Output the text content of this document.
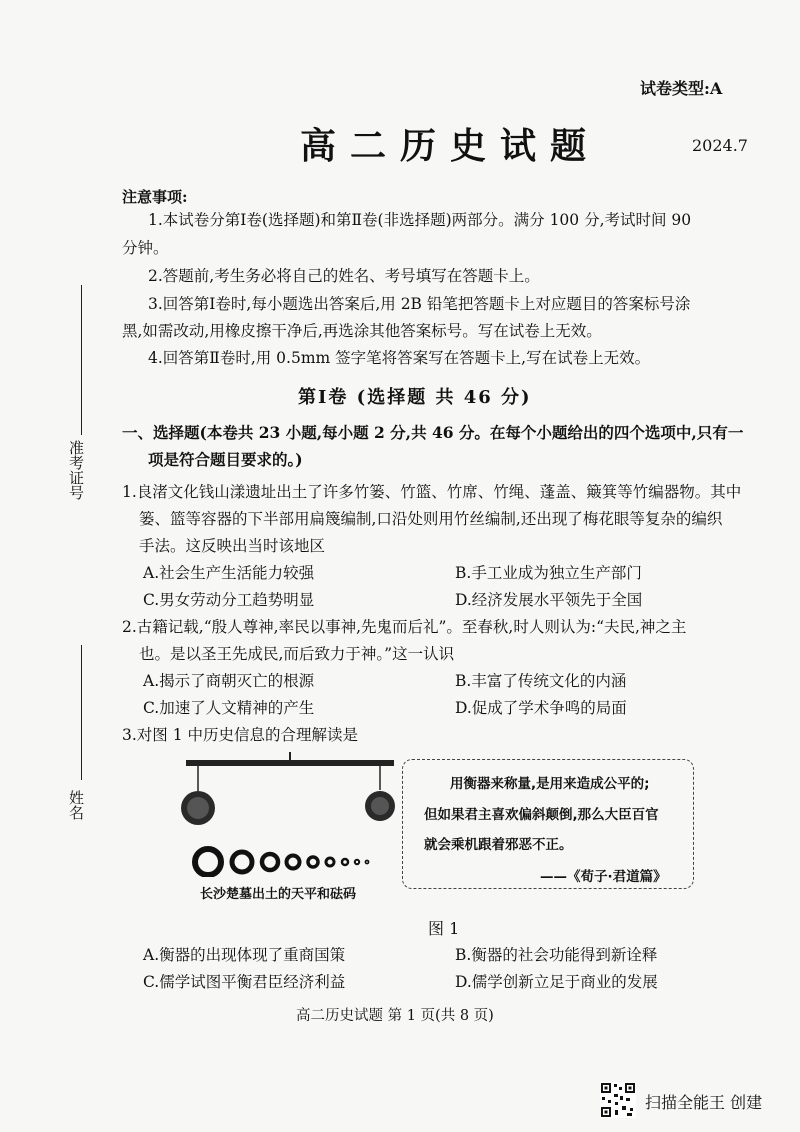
试卷类型:A
高二历史试题	2024.7
准考证号
姓名
注意事项:
1.本试卷分第Ⅰ卷(选择题)和第Ⅱ卷(非选择题)两部分。满分 100 分,考试时间 90
分钟。
2.答题前,考生务必将自己的姓名、考号填写在答题卡上。
3.回答第Ⅰ卷时,每小题选出答案后,用 2B 铅笔把答题卡上对应题目的答案标号涂
黑,如需改动,用橡皮擦干净后,再选涂其他答案标号。写在试卷上无效。
4.回答第Ⅱ卷时,用 0.5mm 签字笔将答案写在答题卡上,写在试卷上无效。
第Ⅰ卷 (选择题 共 46 分)
一、选择题(本卷共 23 小题,每小题 2 分,共 46 分。在每个小题给出的四个选项中,只有一
项是符合题目要求的。)
1.良渚文化钱山漾遗址出土了许多竹篓、竹篮、竹席、竹绳、蓬盖、簸箕等竹编器物。其中
篓、篮等容器的下半部用扁篾编制,口沿处则用竹丝编制,还出现了梅花眼等复杂的编织
手法。这反映出当时该地区
A.社会生产生活能力较强	B.手工业成为独立生产部门
C.男女劳动分工趋势明显	D.经济发展水平领先于全国
2.古籍记载,“殷人尊神,率民以事神,先鬼而后礼”。至春秋,时人则认为:“夫民,神之主
也。是以圣王先成民,而后致力于神。”这一认识
A.揭示了商朝灭亡的根源	B.丰富了传统文化的内涵
C.加速了人文精神的产生	D.促成了学术争鸣的局面
3.对图 1 中历史信息的合理解读是
长沙楚墓出土的天平和砝码
用衡器来称量,是用来造成公平的;
但如果君主喜欢偏斜颠倒,那么大臣百官
就会乘机跟着邪恶不正。
——《荀子·君道篇》
图 1
A.衡器的出现体现了重商国策	B.衡器的社会功能得到新诠释
C.儒学试图平衡君臣经济利益	D.儒学创新立足于商业的发展
高二历史试题 第 1 页(共 8 页)
扫描全能王 创建
